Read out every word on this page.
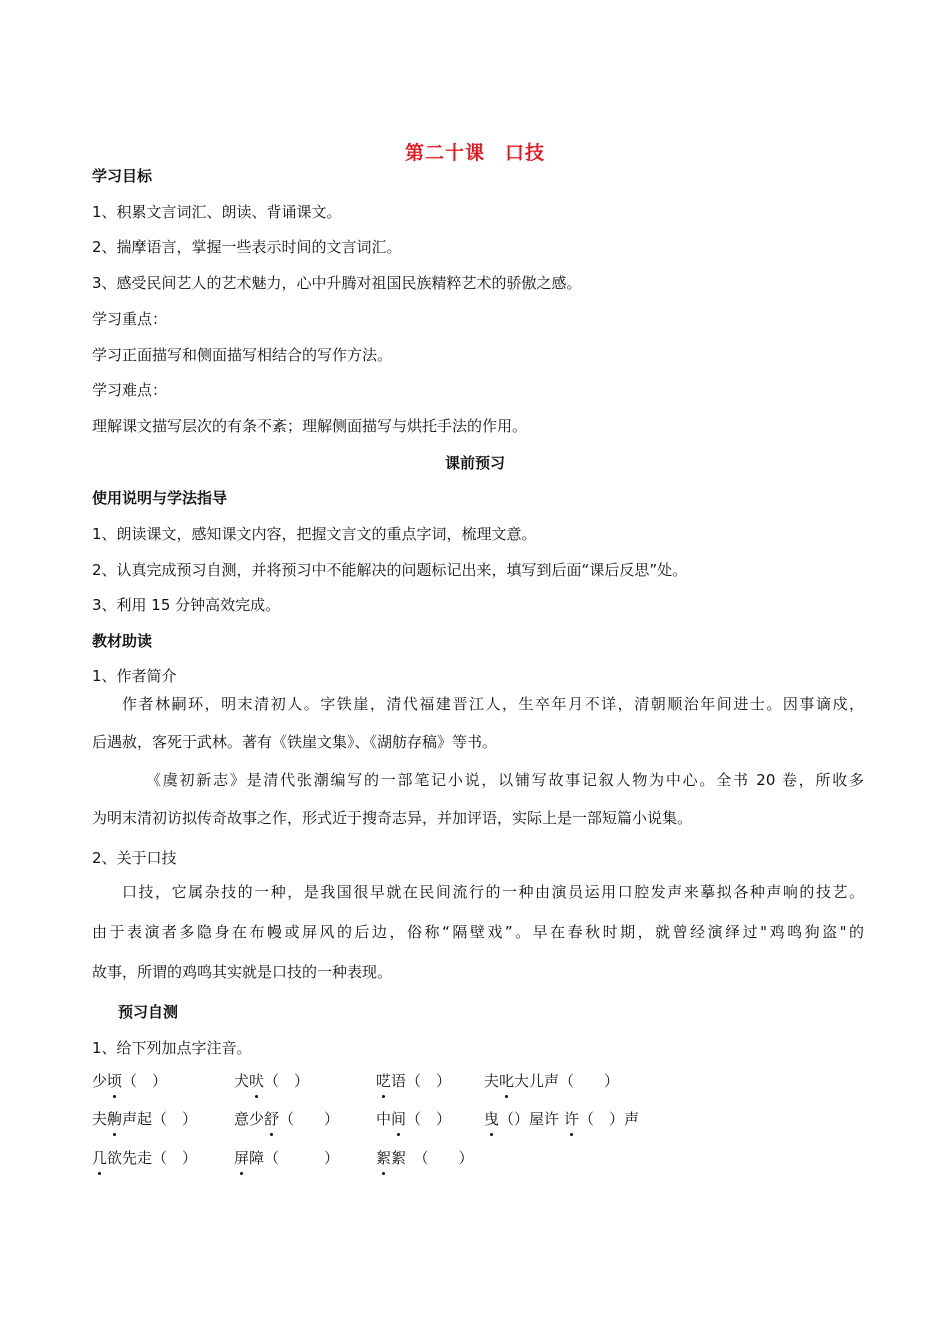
第二十课　口技
学习目标
1、积累文言词汇、朗读、背诵课文。
2、揣摩语言，掌握一些表示时间的文言词汇。
3、感受民间艺人的艺术魅力，心中升腾对祖国民族精粹艺术的骄傲之感。
学习重点：
学习正面描写和侧面描写相结合的写作方法。
学习难点：
理解课文描写层次的有条不紊；理解侧面描写与烘托手法的作用。
课前预习
使用说明与学法指导
1、朗读课文，感知课文内容，把握文言文的重点字词，梳理文意。
2、认真完成预习自测，并将预习中不能解决的问题标记出来，填写到后面“课后反思”处。
3、利用 15 分钟高效完成。
教材助读
1、作者简介
作者林嗣环，明末清初人。字铁崖，清代福建晋江人，生卒年月不详，清朝顺治年间进士。因事谪戍，
后遇赦，客死于武林。著有《铁崖文集》、《湖舫存稿》等书。
《虞初新志》是清代张潮编写的一部笔记小说，以铺写故事记叙人物为中心。全书 20 卷，所收多
为明末清初访拟传奇故事之作，形式近于搜奇志异，并加评语，实际上是一部短篇小说集。
2、关于口技
口技，它属杂技的一种，是我国很早就在民间流行的一种由演员运用口腔发声来摹拟各种声响的技艺。
由于表演者多隐身在布幔或屏风的后边，俗称“隔壁戏”。早在春秋时期，就曾经演绎过"鸡鸣狗盗"的
故事，所谓的鸡鸣其实就是口技的一种表现。
预习自测
1、给下列加点字注音。

少顷（　）

	犬吠（　）

	呓语（　）

夫叱大儿声（　　）

夫齁声起（　）

意少舒（　　）

中间（　）

曳（）屋许

许（　）声

几欲先走（　）

屏障（　　　）

絮絮　（　　）
